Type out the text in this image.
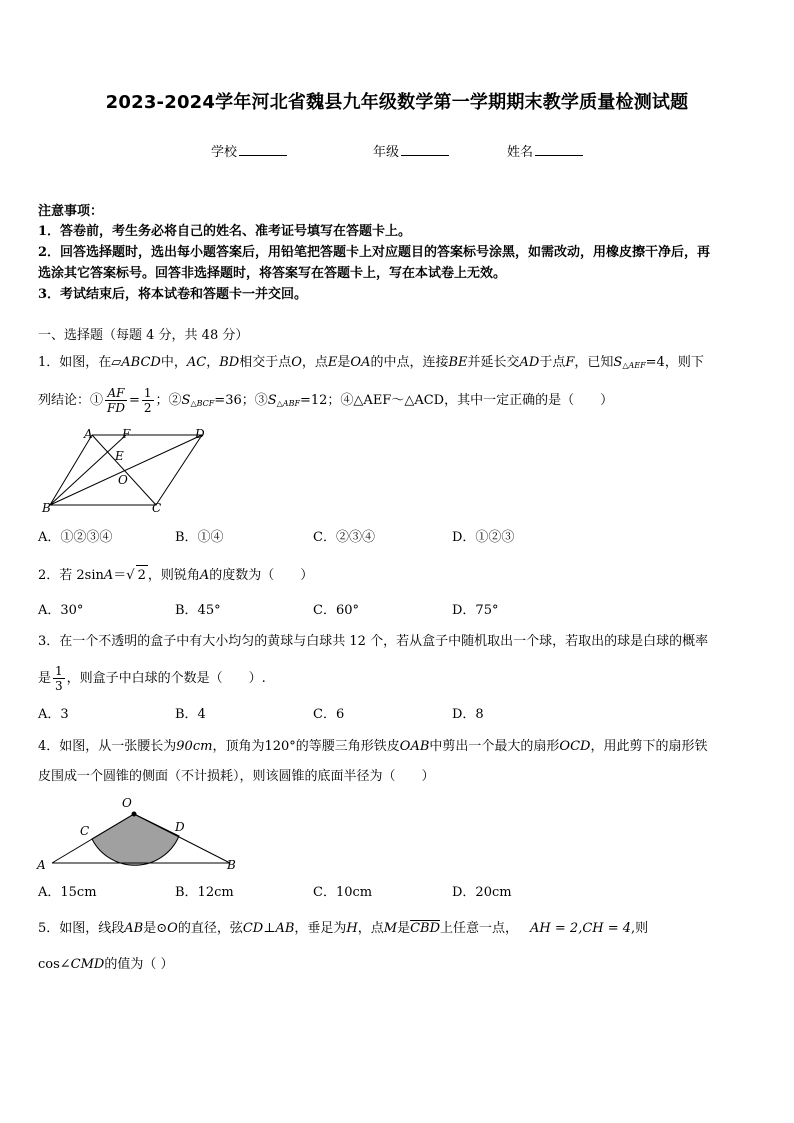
2023-2024学年河北省魏县九年级数学第一学期期末教学质量检测试题
学校	年级	姓名
注意事项：
1．答卷前，考生务必将自己的姓名、准考证号填写在答题卡上。
2．回答选择题时，选出每小题答案后，用铅笔把答题卡上对应题目的答案标号涂黑，如需改动，用橡皮擦干净后，再
选涂其它答案标号。回答非选择题时，将答案写在答题卡上，写在本试卷上无效。
3．考试结束后，将本试卷和答题卡一并交回。
一、选择题（每题 4 分，共 48 分）
1．如图，在▱ABCD中，AC，BD相交于点O，点E是OA的中点，连接BE并延长交AD于点F，已知$S_{\triangle AEF}=4$，则下
列结论：① $\frac{AF}{FD} = \frac{1}{2}$ ；$②S_{\triangle BCF}=36$；$③S_{\triangle ABF}=12$；④△AEF～△ACD，其中一定正确的是（　　）
A F	D
E
O
B	C
A．①②③④	B．①④	C．②③④	D．①②③
2．若 2sinA＝√ 2 ，则锐角A的度数为（　　）
A．30°	B．45°	C．60°	D．75°
3．在一个不透明的盒子中有大小均匀的黄球与白球共 12 个，若从盒子中随机取出一个球，若取出的球是白球的概率
是 $\frac{1}{3}$ ，则盒子中白球的个数是（　　）.
A．3	B．4	C．6	D．8
4．如图，从一张腰长为90cm，顶角为120°的等腰三角形铁皮OAB中剪出一个最大的扇形OCD，用此剪下的扇形铁
皮围成一个圆锥的侧面（不计损耗），则该圆锥的底面半径为（　　）
O
C	D
A	B
A．15cm	B．12cm	C．10cm	D．20cm
5．如图，线段AB是⊙O的直径，弦CD⊥AB，垂足为H，点M是$\overline{CBD}$上任意一点， AH = 2,CH = 4,则
cos∠CMD的值为（ ）
